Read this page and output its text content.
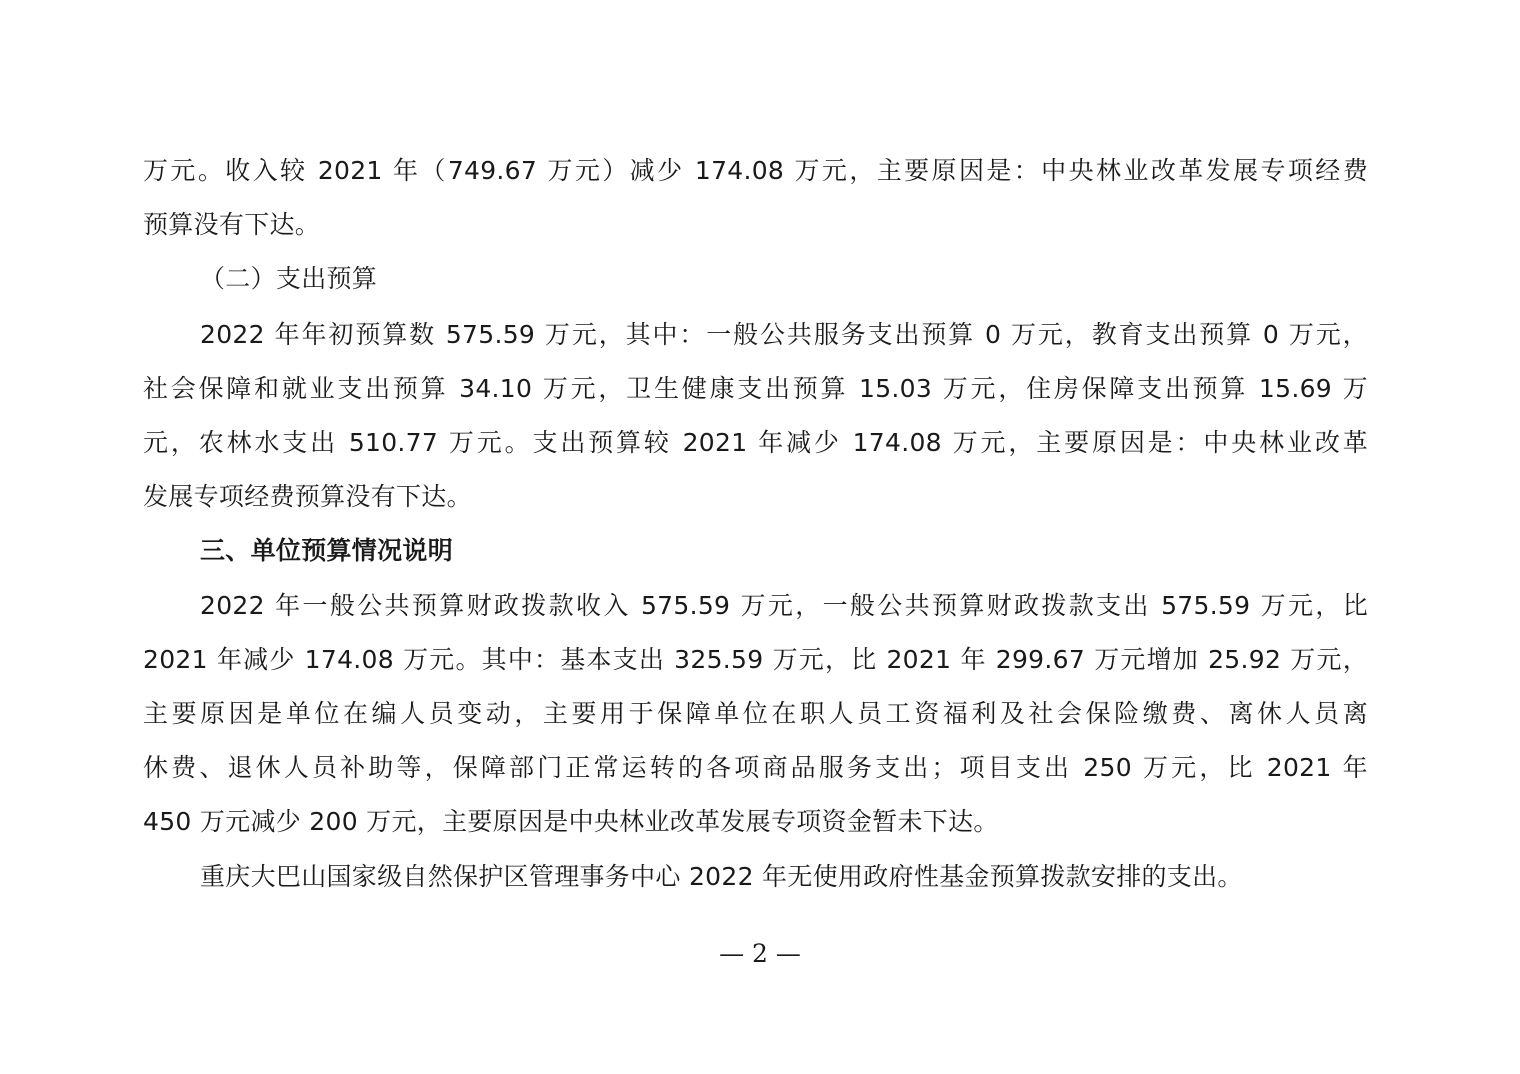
万元。收入较 2021 年（749.67 万元）减少 174.08 万元，主要原因是：中央林业改革发展专项经费
预算没有下达。
（二）支出预算
2022 年年初预算数 575.59 万元，其中：一般公共服务支出预算 0 万元，教育支出预算 0 万元，
社会保障和就业支出预算 34.10 万元，卫生健康支出预算 15.03 万元，住房保障支出预算 15.69 万
元，农林水支出 510.77 万元。支出预算较 2021 年减少 174.08 万元，主要原因是：中央林业改革
发展专项经费预算没有下达。
三、单位预算情况说明
2022 年一般公共预算财政拨款收入 575.59 万元，一般公共预算财政拨款支出 575.59 万元，比
2021 年减少 174.08 万元。其中：基本支出 325.59 万元，比 2021 年 299.67 万元增加 25.92 万元，
主要原因是单位在编人员变动，主要用于保障单位在职人员工资福利及社会保险缴费、离休人员离
休费、退休人员补助等，保障部门正常运转的各项商品服务支出；项目支出 250 万元，比 2021 年
450 万元减少 200 万元，主要原因是中央林业改革发展专项资金暂未下达。
重庆大巴山国家级自然保护区管理事务中心 2022 年无使用政府性基金预算拨款安排的支出。
— 2 —
